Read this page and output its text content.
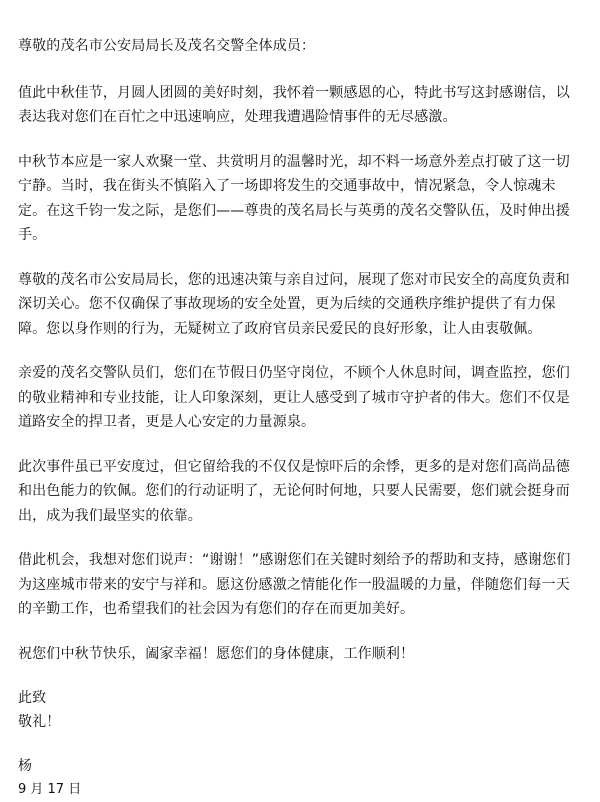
尊敬的茂名市公安局局长及茂名交警全体成员：

值此中秋佳节，月圆人团圆的美好时刻，我怀着一颗感恩的心，特此书写这封感谢信，以表达我对您们在百忙之中迅速响应，处理我遭遇险情事件的无尽感激。

中秋节本应是一家人欢聚一堂、共赏明月的温馨时光，却不料一场意外差点打破了这一切宁静。当时，我在街头不慎陷入了一场即将发生的交通事故中，情况紧急，令人惊魂未定。在这千钧一发之际，是您们——尊贵的茂名局长与英勇的茂名交警队伍，及时伸出援手。

尊敬的茂名市公安局局长，您的迅速决策与亲自过问，展现了您对市民安全的高度负责和深切关心。您不仅确保了事故现场的安全处置，更为后续的交通秩序维护提供了有力保障。您以身作则的行为，无疑树立了政府官员亲民爱民的良好形象，让人由衷敬佩。

亲爱的茂名交警队员们，您们在节假日仍坚守岗位，不顾个人休息时间，调查监控，您们的敬业精神和专业技能，让人印象深刻，更让人感受到了城市守护者的伟大。您们不仅是道路安全的捍卫者，更是人心安定的力量源泉。

此次事件虽已平安度过，但它留给我的不仅仅是惊吓后的余悸，更多的是对您们高尚品德和出色能力的钦佩。您们的行动证明了，无论何时何地，只要人民需要，您们就会挺身而出，成为我们最坚实的依靠。

借此机会，我想对您们说声：“谢谢！”感谢您们在关键时刻给予的帮助和支持，感谢您们为这座城市带来的安宁与祥和。愿这份感激之情能化作一股温暖的力量，伴随您们每一天的辛勤工作，也希望我们的社会因为有您们的存在而更加美好。

祝您们中秋节快乐，阖家幸福！愿您们的身体健康，工作顺利！

此致

敬礼！

杨

9 月 17 日
